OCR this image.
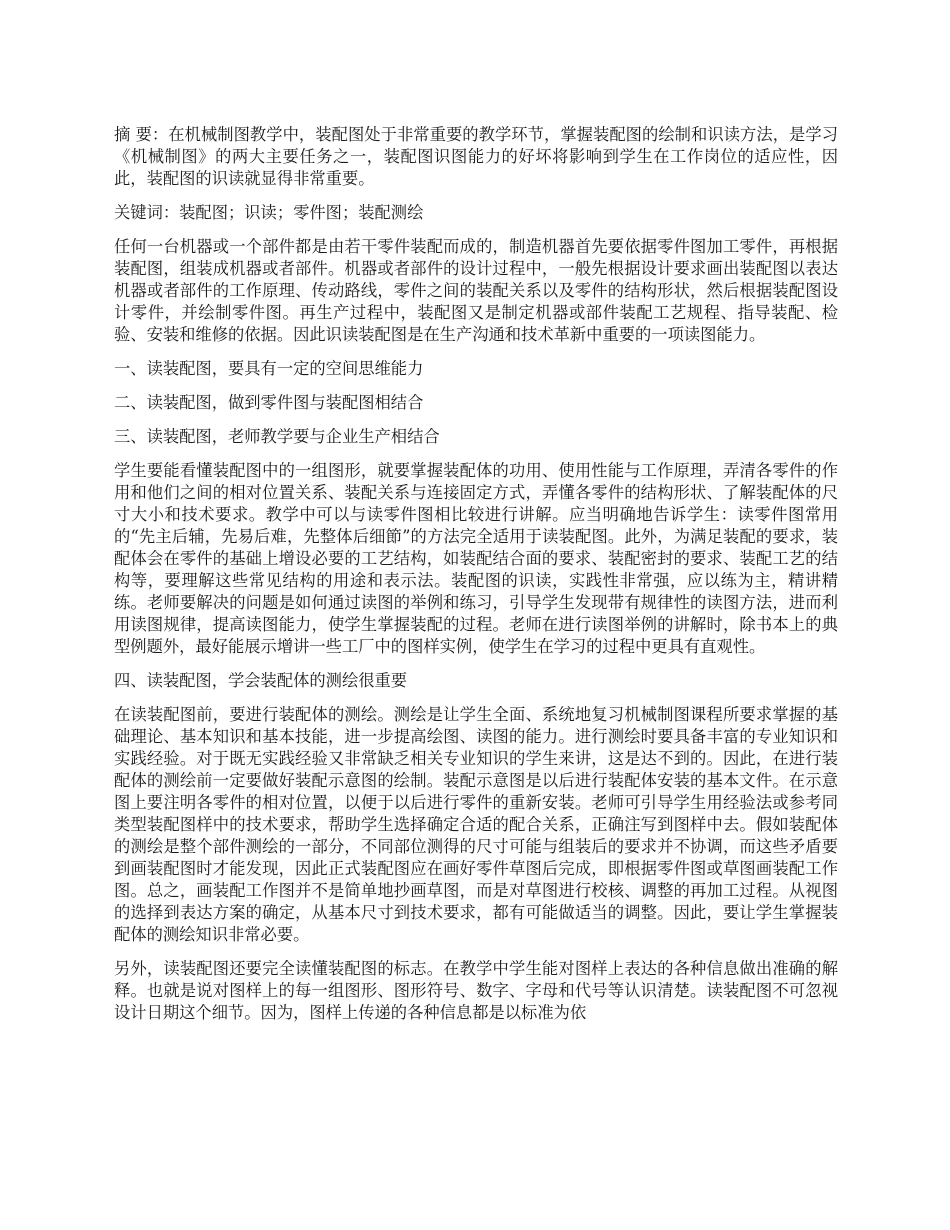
摘 要：在机械制图教学中，装配图处于非常重要的教学环节，掌握装配图的绘制和识读方法，是学习《机械制图》的两大主要任务之一，装配图识图能力的好坏将影响到学生在工作岗位的适应性，因此，装配图的识读就显得非常重要。

关键词：装配图；识读；零件图；装配测绘

任何一台机器或一个部件都是由若干零件装配而成的，制造机器首先要依据零件图加工零件，再根据装配图，组装成机器或者部件。机器或者部件的设计过程中，一般先根据设计要求画出装配图以表达机器或者部件的工作原理、传动路线，零件之间的装配关系以及零件的结构形状，然后根据装配图设计零件，并绘制零件图。再生产过程中，装配图又是制定机器或部件装配工艺规程、指导装配、检验、安装和维修的依据。因此识读装配图是在生产沟通和技术革新中重要的一项读图能力。

一、读装配图，要具有一定的空间思维能力

二、读装配图，做到零件图与装配图相结合

三、读装配图，老师教学要与企业生产相结合

学生要能看懂装配图中的一组图形，就要掌握装配体的功用、使用性能与工作原理，弄清各零件的作用和他们之间的相对位置关系、装配关系与连接固定方式，弄懂各零件的结构形状、了解装配体的尺寸大小和技术要求。教学中可以与读零件图相比较进行讲解。应当明确地告诉学生：读零件图常用的“先主后辅，先易后难，先整体后细節”的方法完全适用于读装配图。此外，为满足装配的要求，装配体会在零件的基础上增设必要的工艺结构，如装配结合面的要求、装配密封的要求、装配工艺的结构等，要理解这些常见结构的用途和表示法。装配图的识读，实践性非常强，应以练为主，精讲精练。老师要解决的问题是如何通过读图的举例和练习，引导学生发现带有规律性的读图方法，进而利用读图规律，提高读图能力，使学生掌握装配的过程。老师在进行读图举例的讲解时，除书本上的典型例题外，最好能展示增讲一些工厂中的图样实例，使学生在学习的过程中更具有直观性。

四、读装配图，学会装配体的测绘很重要

在读装配图前，要进行装配体的测绘。测绘是让学生全面、系统地复习机械制图课程所要求掌握的基础理论、基本知识和基本技能，进一步提高绘图、读图的能力。进行测绘时要具备丰富的专业知识和实践经验。对于既无实践经验又非常缺乏相关专业知识的学生来讲，这是达不到的。因此，在进行装配体的测绘前一定要做好装配示意图的绘制。装配示意图是以后进行装配体安装的基本文件。在示意图上要注明各零件的相对位置，以便于以后进行零件的重新安装。老师可引导学生用经验法或参考同类型装配图样中的技术要求，帮助学生选择确定合适的配合关系，正确注写到图样中去。假如装配体的测绘是整个部件测绘的一部分，不同部位测得的尺寸可能与组装后的要求并不协调，而这些矛盾要到画装配图时才能发现，因此正式装配图应在画好零件草图后完成，即根据零件图或草图画装配工作图。总之，画装配工作图并不是简单地抄画草图，而是对草图进行校核、调整的再加工过程。从视图的选择到表达方案的确定，从基本尺寸到技术要求，都有可能做适当的调整。因此，要让学生掌握装配体的测绘知识非常必要。

另外，读装配图还要完全读懂装配图的标志。在教学中学生能对图样上表达的各种信息做出准确的解释。也就是说对图样上的每一组图形、图形符号、数字、字母和代号等认识清楚。读装配图不可忽视设计日期这个细节。因为，图样上传递的各种信息都是以标准为依
